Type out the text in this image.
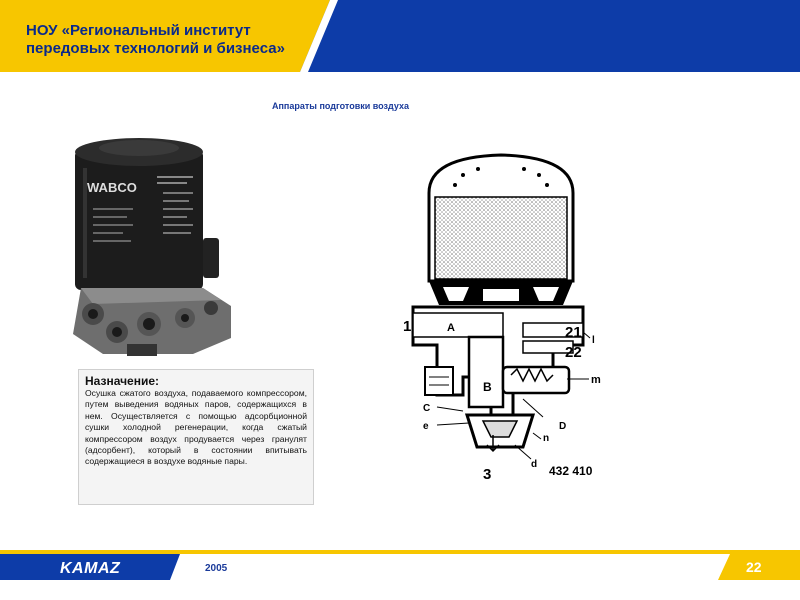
НОУ «Региональный институт передовых технологий и бизнеса»
Аппараты подготовки воздуха
WABCO
Назначение:
Осушка сжатого воздуха, подаваемого компрессором, путем выведения водяных паров, содержащихся в нем. Осуществляется с помощью адсорбционной сушки холодной регенерации, когда сжатый компрессором воздух продувается через гранулят (адсорбент), который в состоянии впитывать содержащиеся в воздухе водяные пары.
1	A	21 l
22
m
B
C
D
e
n
d
3	432 410
KAMAZ	2005	22
